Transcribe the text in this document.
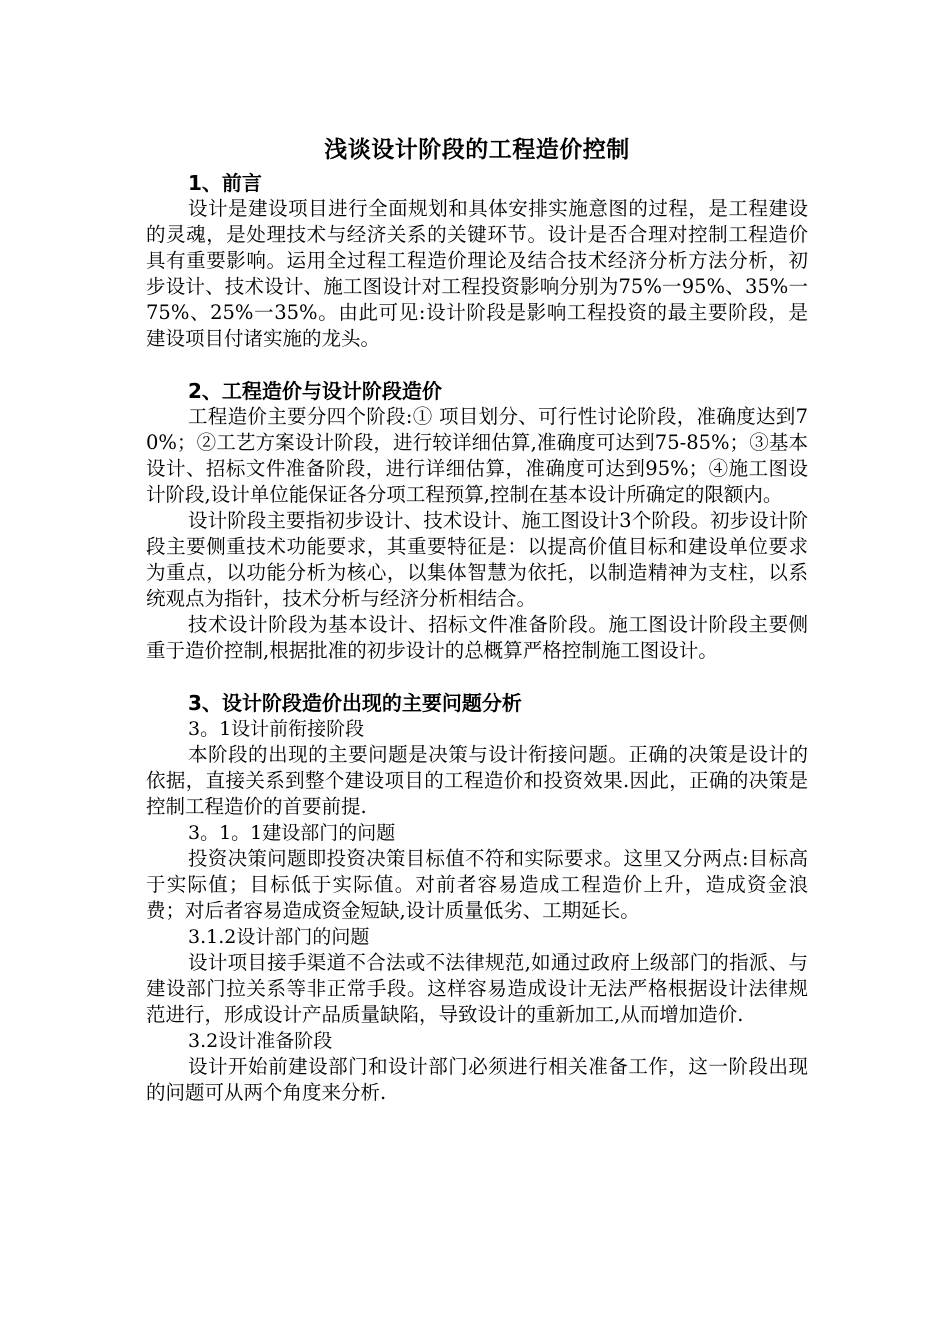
浅谈设计阶段的工程造价控制
1、前言
设计是建设项目进行全面规划和具体安排实施意图的过程，是工程建设的灵魂，是处理技术与经济关系的关键环节。设计是否合理对控制工程造价具有重要影响。运用全过程工程造价理论及结合技术经济分析方法分析，初步设计、技术设计、施工图设计对工程投资影响分别为75%一95%、35%一75%、25%一35%。由此可见:设计阶段是影响工程投资的最主要阶段，是建设项目付诸实施的龙头。
2、工程造价与设计阶段造价
工程造价主要分四个阶段:① 项目划分、可行性讨论阶段，准确度达到70%；②工艺方案设计阶段，进行较详细估算,准确度可达到75-85%；③基本设计、招标文件准备阶段，进行详细估算，准确度可达到95%；④施工图设计阶段,设计单位能保证各分项工程预算,控制在基本设计所确定的限额内。
设计阶段主要指初步设计、技术设计、施工图设计3个阶段。初步设计阶段主要侧重技术功能要求，其重要特征是：以提高价值目标和建设单位要求为重点，以功能分析为核心，以集体智慧为依托，以制造精神为支柱，以系统观点为指针，技术分析与经济分析相结合。
技术设计阶段为基本设计、招标文件准备阶段。施工图设计阶段主要侧重于造价控制,根据批准的初步设计的总概算严格控制施工图设计。
3、设计阶段造价出现的主要问题分析
3。1设计前衔接阶段
本阶段的出现的主要问题是决策与设计衔接问题。正确的决策是设计的依据，直接关系到整个建设项目的工程造价和投资效果.因此，正确的决策是控制工程造价的首要前提.
3。1。1建设部门的问题
投资决策问题即投资决策目标值不符和实际要求。这里又分两点:目标高于实际值；目标低于实际值。对前者容易造成工程造价上升，造成资金浪费；对后者容易造成资金短缺,设计质量低劣、工期延长。
3.1.2设计部门的问题
设计项目接手渠道不合法或不法律规范,如通过政府上级部门的指派、与建设部门拉关系等非正常手段。这样容易造成设计无法严格根据设计法律规范进行，形成设计产品质量缺陷，导致设计的重新加工,从而增加造价.
3.2设计准备阶段
设计开始前建设部门和设计部门必须进行相关准备工作，这一阶段出现的问题可从两个角度来分析.
